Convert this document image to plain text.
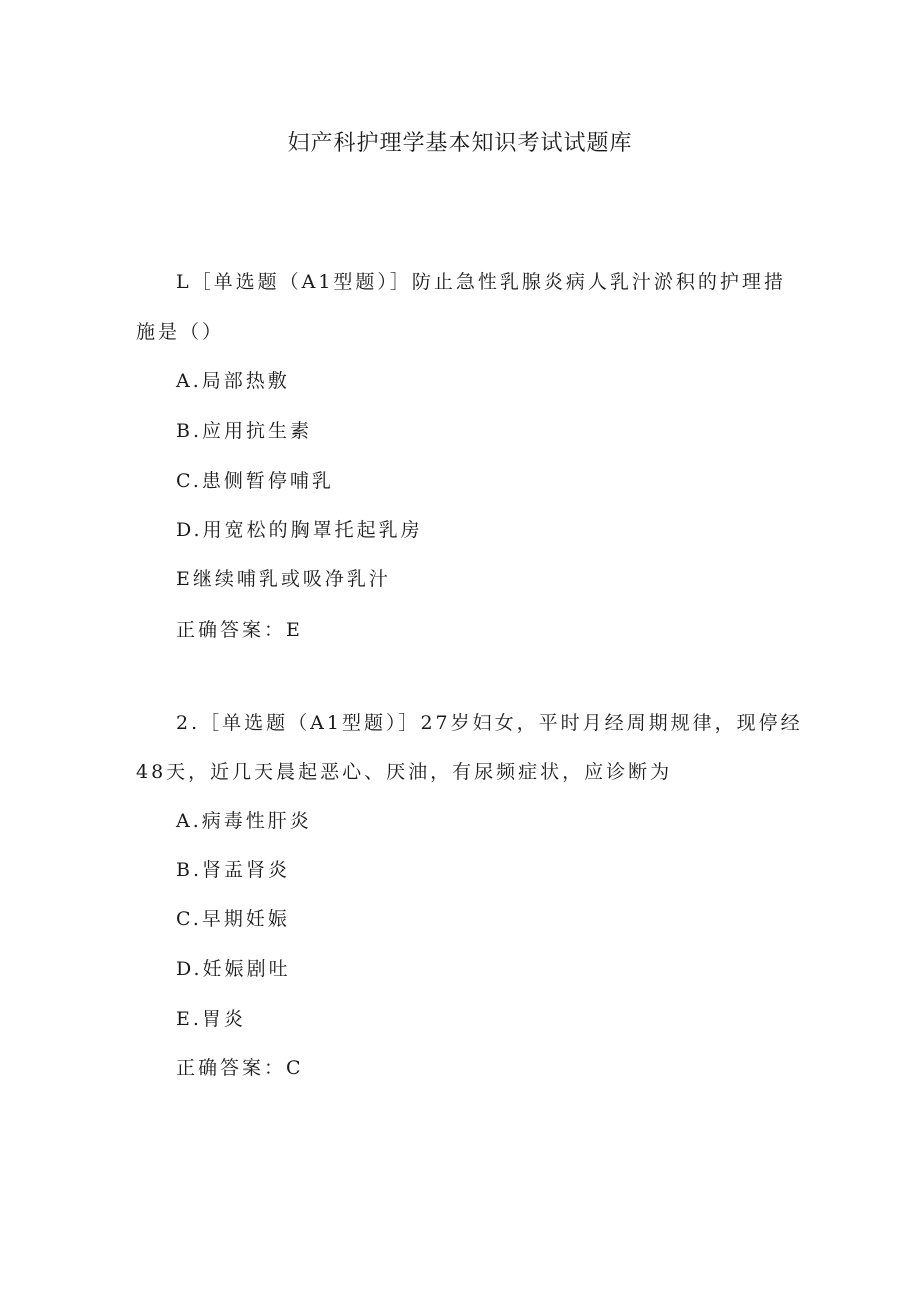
妇产科护理学基本知识考试试题库
L［单选题（A1型题）］防止急性乳腺炎病人乳汁淤积的护理措
施是（）
A.局部热敷
B.应用抗生素
C.患侧暂停哺乳
D.用宽松的胸罩托起乳房
E继续哺乳或吸净乳汁
正确答案：E
2.［单选题（A1型题）］27岁妇女，平时月经周期规律，现停经
48天，近几天晨起恶心、厌油，有尿频症状，应诊断为
A.病毒性肝炎
B.肾盂肾炎
C.早期妊娠
D.妊娠剧吐
E.胃炎
正确答案：C
